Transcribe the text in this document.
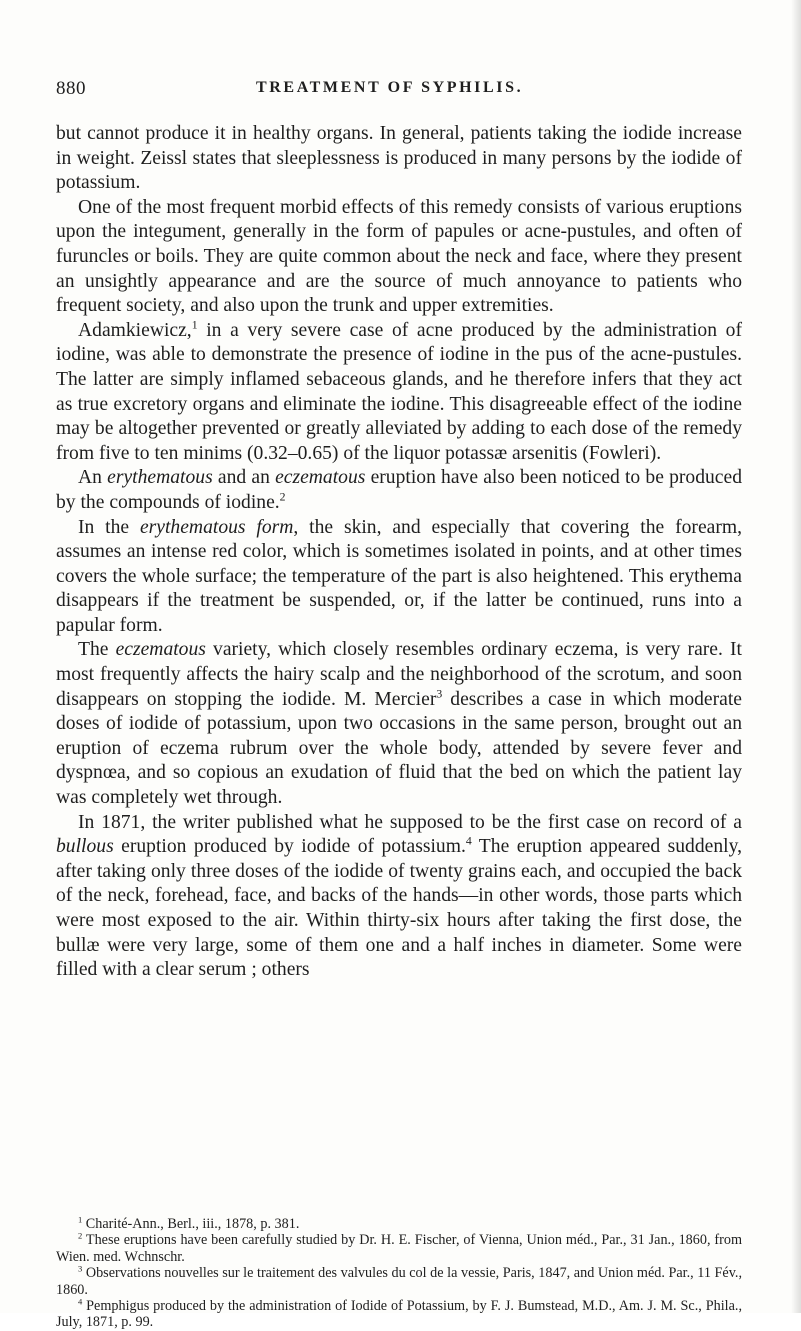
880	TREATMENT OF SYPHILIS.

but cannot produce it in healthy organs. In general, patients taking the iodide increase in weight. Zeissl states that sleeplessness is produced in many persons by the iodide of potassium.

One of the most frequent morbid effects of this remedy consists of various eruptions upon the integument, generally in the form of papules or acne-pustules, and often of furuncles or boils. They are quite common about the neck and face, where they present an unsightly appearance and are the source of much annoyance to patients who frequent society, and also upon the trunk and upper extremities.

Adamkiewicz,$^1$ in a very severe case of acne produced by the administration of iodine, was able to demonstrate the presence of iodine in the pus of the acne-pustules. The latter are simply inflamed sebaceous glands, and he therefore infers that they act as true excretory organs and eliminate the iodine. This disagreeable effect of the iodine may be altogether prevented or greatly alleviated by adding to each dose of the remedy from five to ten minims (0.32–0.65) of the liquor potassæ arsenitis (Fowleri).

An erythematous and an eczematous eruption have also been noticed to be produced by the compounds of iodine.$^2$

In the erythematous form, the skin, and especially that covering the forearm, assumes an intense red color, which is sometimes isolated in points, and at other times covers the whole surface; the temperature of the part is also heightened. This erythema disappears if the treatment be suspended, or, if the latter be continued, runs into a papular form.

The eczematous variety, which closely resembles ordinary eczema, is very rare. It most frequently affects the hairy scalp and the neighborhood of the scrotum, and soon disappears on stopping the iodide. M. Mercier$^3$ describes a case in which moderate doses of iodide of potassium, upon two occasions in the same person, brought out an eruption of eczema rubrum over the whole body, attended by severe fever and dyspnœa, and so copious an exudation of fluid that the bed on which the patient lay was completely wet through.

In 1871, the writer published what he supposed to be the first case on record of a bullous eruption produced by iodide of potassium.$^4$ The eruption appeared suddenly, after taking only three doses of the iodide of twenty grains each, and occupied the back of the neck, forehead, face, and backs of the hands—in other words, those parts which were most exposed to the air. Within thirty-six hours after taking the first dose, the bullæ were very large, some of them one and a half inches in diameter. Some were filled with a clear serum ; others

$^1$ Charité-Ann., Berl., iii., 1878, p. 381.

$^2$ These eruptions have been carefully studied by Dr. H. E. Fischer, of Vienna, Union méd., Par., 31 Jan., 1860, from Wien. med. Wchnschr.

$^3$ Observations nouvelles sur le traitement des valvules du col de la vessie, Paris, 1847, and Union méd. Par., 11 Fév., 1860.

$^4$ Pemphigus produced by the administration of Iodide of Potassium, by F. J. Bumstead, M.D., Am. J. M. Sc., Phila., July, 1871, p. 99.
